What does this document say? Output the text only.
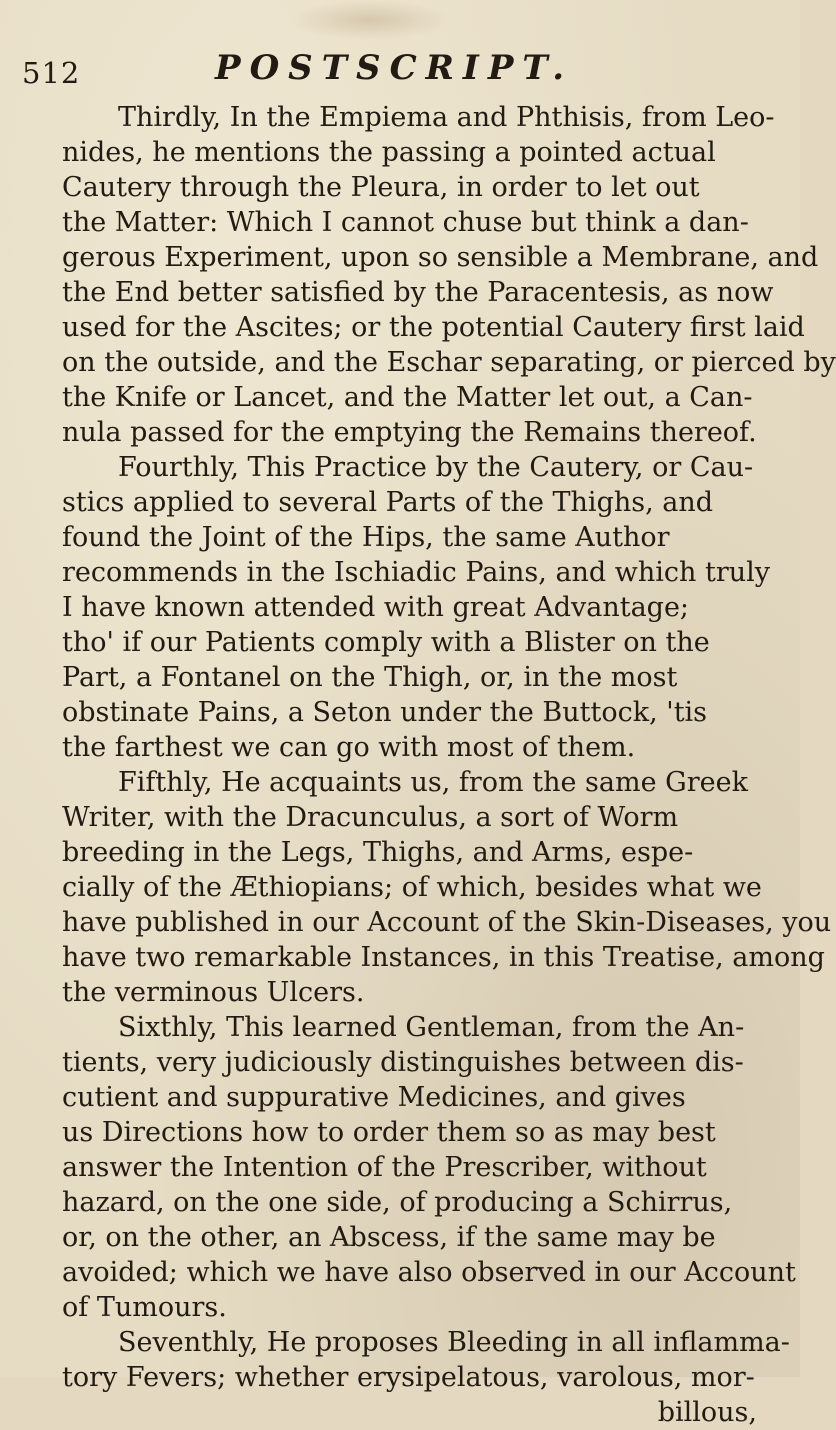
512	POSTSCRIPT.
Thirdly, In the Empiema and Phthisis, from Leo-
nides, he mentions the passing a pointed actual
Cautery through the Pleura, in order to let out
the Matter: Which I cannot chuse but think a dan-
gerous Experiment, upon so sensible a Membrane, and
the End better satisfied by the Paracentesis, as now
used for the Ascites; or the potential Cautery first laid
on the outside, and the Eschar separating, or pierced by
the Knife or Lancet, and the Matter let out, a Can-
nula passed for the emptying the Remains thereof.
Fourthly, This Practice by the Cautery, or Cau-
stics applied to several Parts of the Thighs, and
found the Joint of the Hips, the same Author
recommends in the Ischiadic Pains, and which truly
I have known attended with great Advantage;
tho' if our Patients comply with a Blister on the
Part, a Fontanel on the Thigh, or, in the most
obstinate Pains, a Seton under the Buttock, 'tis
the farthest we can go with most of them.
Fifthly, He acquaints us, from the same Greek
Writer, with the Dracunculus, a sort of Worm
breeding in the Legs, Thighs, and Arms, espe-
cially of the Æthiopians; of which, besides what we
have published in our Account of the Skin-Diseases, you
have two remarkable Instances, in this Treatise, among
the verminous Ulcers.
Sixthly, This learned Gentleman, from the An-
tients, very judiciously distinguishes between dis-
cutient and suppurative Medicines, and gives
us Directions how to order them so as may best
answer the Intention of the Prescriber, without
hazard, on the one side, of producing a Schirrus,
or, on the other, an Abscess, if the same may be
avoided; which we have also observed in our Account
of Tumours.
Seventhly, He proposes Bleeding in all inflamma-
tory Fevers; whether erysipelatous, varolous, mor-
billous,
